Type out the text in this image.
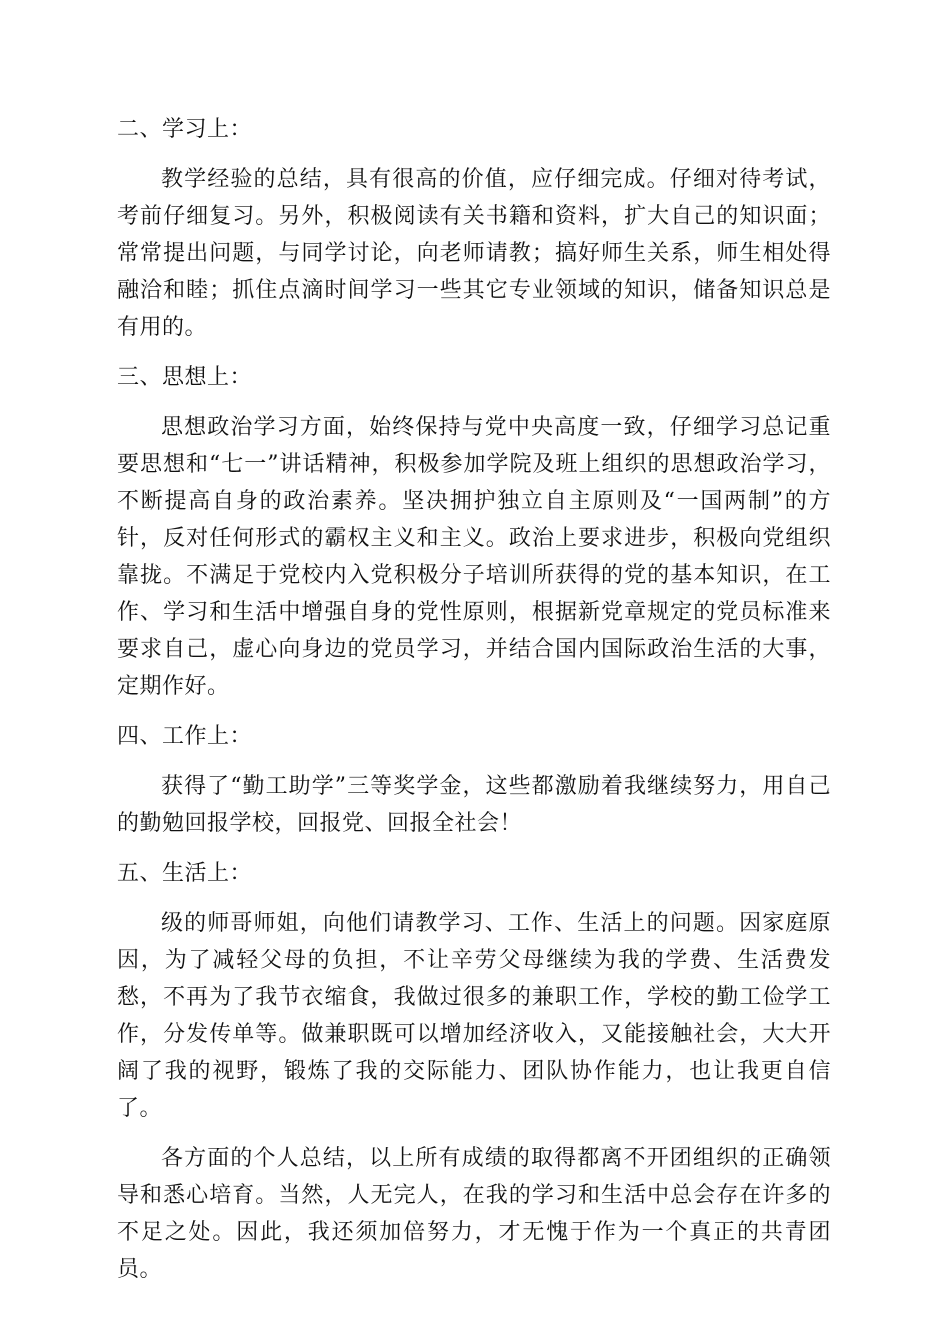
二、学习上：

教学经验的总结，具有很高的价值，应仔细完成。仔细对待考试，考前仔细复习。另外，积极阅读有关书籍和资料，扩大自己的知识面；常常提出问题，与同学讨论，向老师请教；搞好师生关系，师生相处得融洽和睦；抓住点滴时间学习一些其它专业领域的知识，储备知识总是有用的。

三、思想上：

思想政治学习方面，始终保持与党中央高度一致，仔细学习总记重要思想和“七一”讲话精神，积极参加学院及班上组织的思想政治学习，不断提高自身的政治素养。坚决拥护独立自主原则及“一国两制”的方针，反对任何形式的霸权主义和主义。政治上要求进步，积极向党组织靠拢。不满足于党校内入党积极分子培训所获得的党的基本知识，在工作、学习和生活中增强自身的党性原则，根据新党章规定的党员标准来要求自己，虚心向身边的党员学习，并结合国内国际政治生活的大事，定期作好。

四、工作上：

获得了“勤工助学”三等奖学金，这些都激励着我继续努力，用自己的勤勉回报学校，回报党、回报全社会！

五、生活上：

级的师哥师姐，向他们请教学习、工作、生活上的问题。因家庭原因，为了减轻父母的负担，不让辛劳父母继续为我的学费、生活费发愁，不再为了我节衣缩食，我做过很多的兼职工作，学校的勤工俭学工作，分发传单等。做兼职既可以增加经济收入，又能接触社会，大大开阔了我的视野，锻炼了我的交际能力、团队协作能力，也让我更自信了。

各方面的个人总结，以上所有成绩的取得都离不开团组织的正确领导和悉心培育。当然，人无完人，在我的学习和生活中总会存在许多的不足之处。因此，我还须加倍努力，才无愧于作为一个真正的共青团员。
